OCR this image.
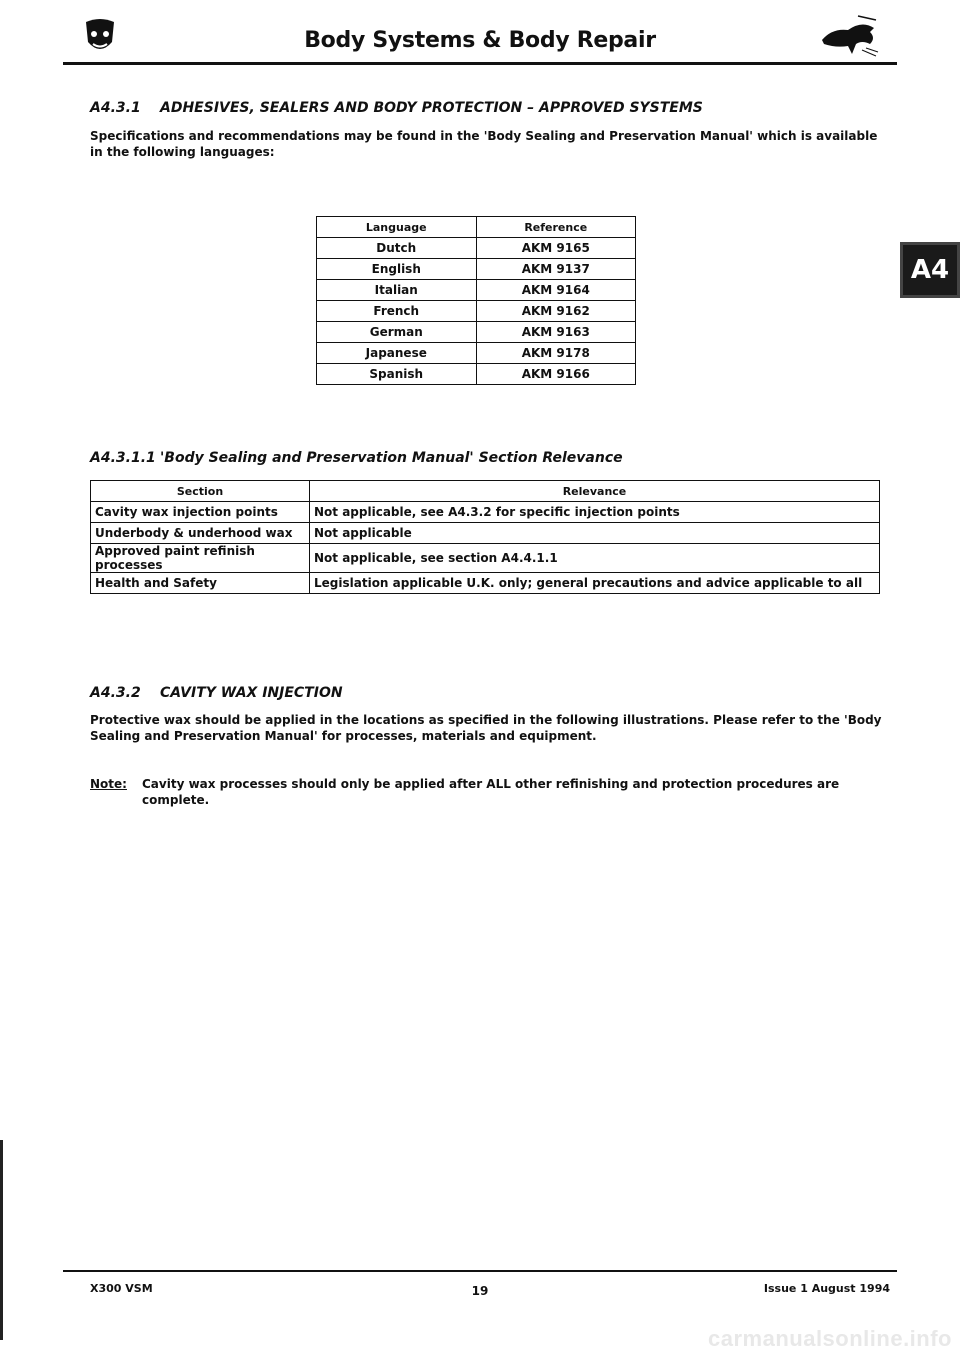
Body Systems & Body Repair
A4
A4.3.1 ADHESIVES, SEALERS AND BODY PROTECTION – APPROVED SYSTEMS
Specifications and recommendations may be found in the 'Body Sealing and Preservation Manual' which is available in the following languages:
Language	Reference
Dutch	AKM 9165
English	AKM 9137
Italian	AKM 9164
French	AKM 9162
German	AKM 9163
Japanese	AKM 9178
Spanish	AKM 9166
A4.3.1.1 'Body Sealing and Preservation Manual' Section Relevance
Section	Relevance
Cavity wax injection points	Not applicable, see A4.3.2 for specific injection points
Underbody & underhood wax	Not applicable
Approved paint refinish processes	Not applicable, see section A4.4.1.1
Health and Safety	Legislation applicable U.K. only; general precautions and advice applicable to all
A4.3.2 CAVITY WAX INJECTION
Protective wax should be applied in the locations as specified in the following illustrations. Please refer to the 'Body Sealing and Preservation Manual' for processes, materials and equipment.
Note: Cavity wax processes should only be applied after ALL other refinishing and protection procedures are complete.
X300 VSM	19	Issue 1 August 1994
carmanualsonline.info
